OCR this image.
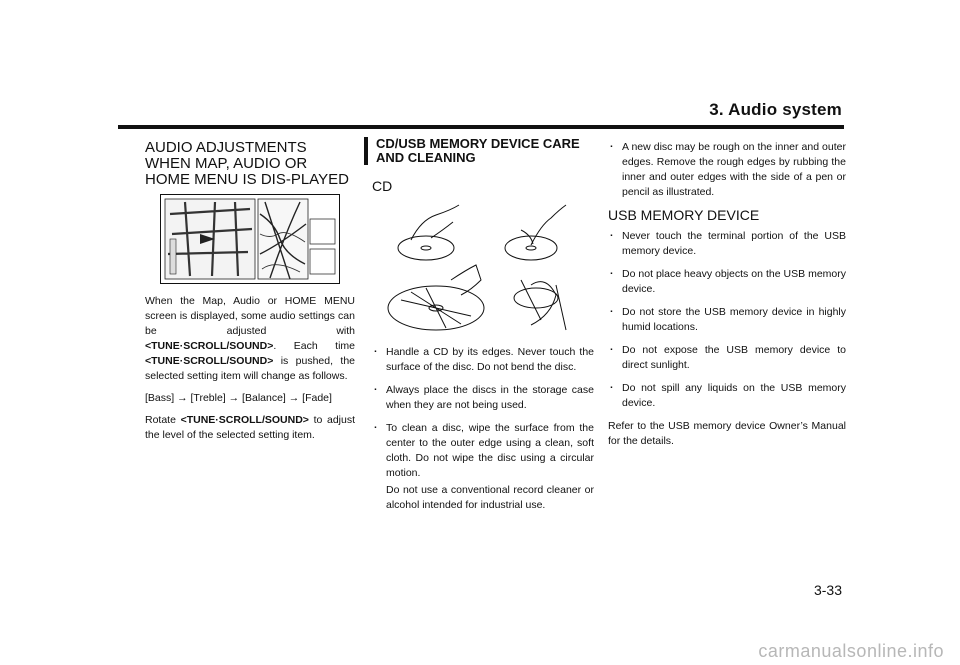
3. Audio system
AUDIO ADJUSTMENTS WHEN MAP, AUDIO OR HOME MENU IS DIS-PLAYED

When the Map, Audio or HOME MENU screen is displayed, some audio settings can be adjusted with <TUNE·SCROLL/SOUND>. Each time <TUNE·SCROLL/SOUND> is pushed, the selected setting item will change as follows.

[Bass] → [Treble] → [Balance] → [Fade]

Rotate <TUNE·SCROLL/SOUND> to adjust the level of the selected setting item.

CD/USB MEMORY DEVICE CARE AND CLEANING
CD
. Handle a CD by its edges. Never touch the surface of the disc. Do not bend the disc.
. Always place the discs in the storage case when they are not being used.
. To clean a disc, wipe the surface from the center to the outer edge using a clean, soft cloth. Do not wipe the disc using a circular motion.
Do not use a conventional record cleaner or alcohol intended for industrial use.
. A new disc may be rough on the inner and outer edges. Remove the rough edges by rubbing the inner and outer edges with the side of a pen or pencil as illustrated.
USB MEMORY DEVICE
. Never touch the terminal portion of the USB memory device.
. Do not place heavy objects on the USB memory device.
. Do not store the USB memory device in highly humid locations.
. Do not expose the USB memory device to direct sunlight.
. Do not spill any liquids on the USB memory device.

Refer to the USB memory device Owner’s Manual for the details.

3-33
carmanualsonline.info
